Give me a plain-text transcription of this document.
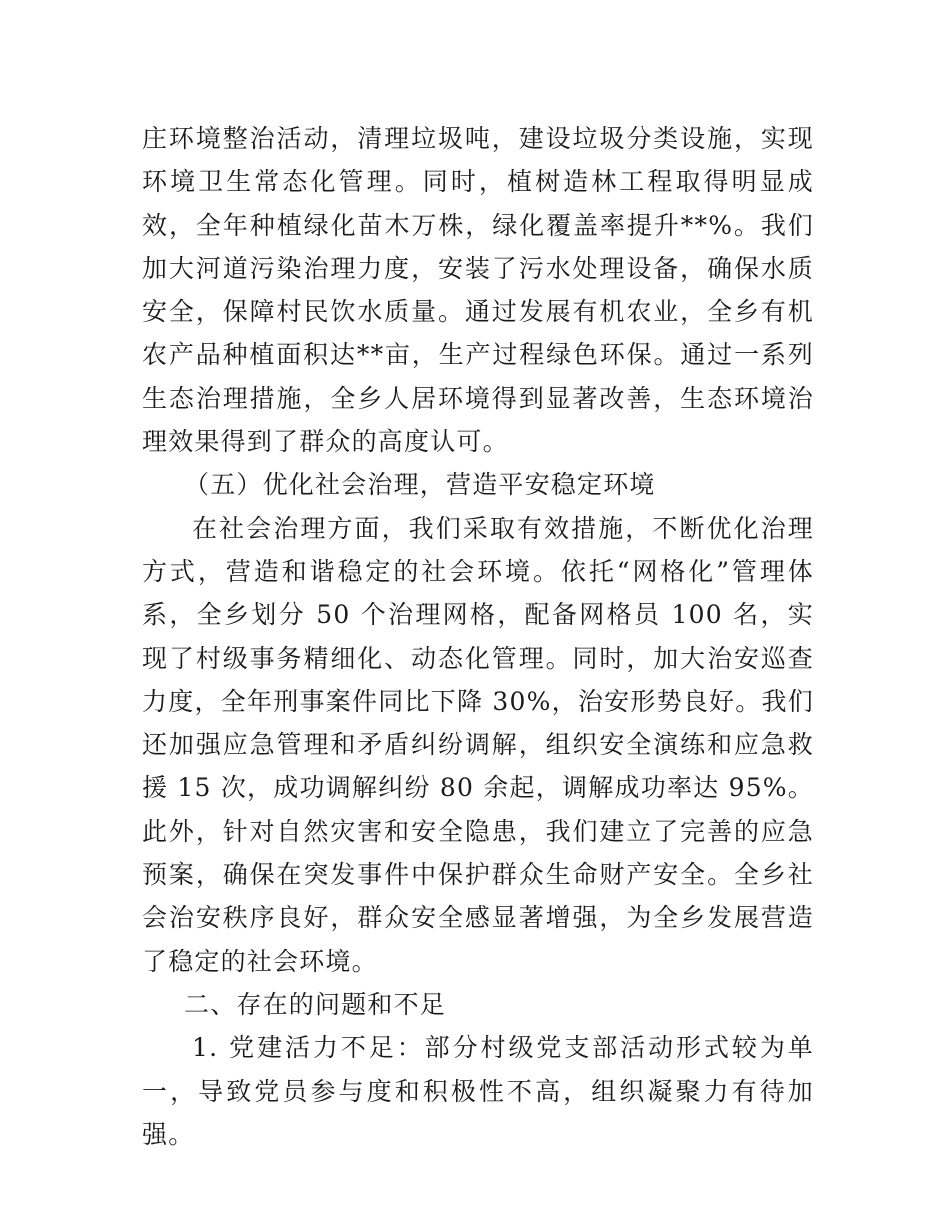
庄环境整治活动，清理垃圾吨，建设垃圾分类设施，实现环境卫生常态化管理。同时，植树造林工程取得明显成效，全年种植绿化苗木万株，绿化覆盖率提升**%。我们加大河道污染治理力度，安装了污水处理设备，确保水质安全，保障村民饮水质量。通过发展有机农业，全乡有机农产品种植面积达**亩，生产过程绿色环保。通过一系列生态治理措施，全乡人居环境得到显著改善，生态环境治理效果得到了群众的高度认可。

（五）优化社会治理，营造平安稳定环境

在社会治理方面，我们采取有效措施，不断优化治理方式，营造和谐稳定的社会环境。依托“网格化”管理体系，全乡划分 50 个治理网格，配备网格员 100 名，实现了村级事务精细化、动态化管理。同时，加大治安巡查力度，全年刑事案件同比下降 30%，治安形势良好。我们还加强应急管理和矛盾纠纷调解，组织安全演练和应急救援 15 次，成功调解纠纷 80 余起，调解成功率达 95%。此外，针对自然灾害和安全隐患，我们建立了完善的应急预案，确保在突发事件中保护群众生命财产安全。全乡社会治安秩序良好，群众安全感显著增强，为全乡发展营造了稳定的社会环境。

二、存在的问题和不足

1. 党建活力不足：部分村级党支部活动形式较为单一，导致党员参与度和积极性不高，组织凝聚力有待加强。
